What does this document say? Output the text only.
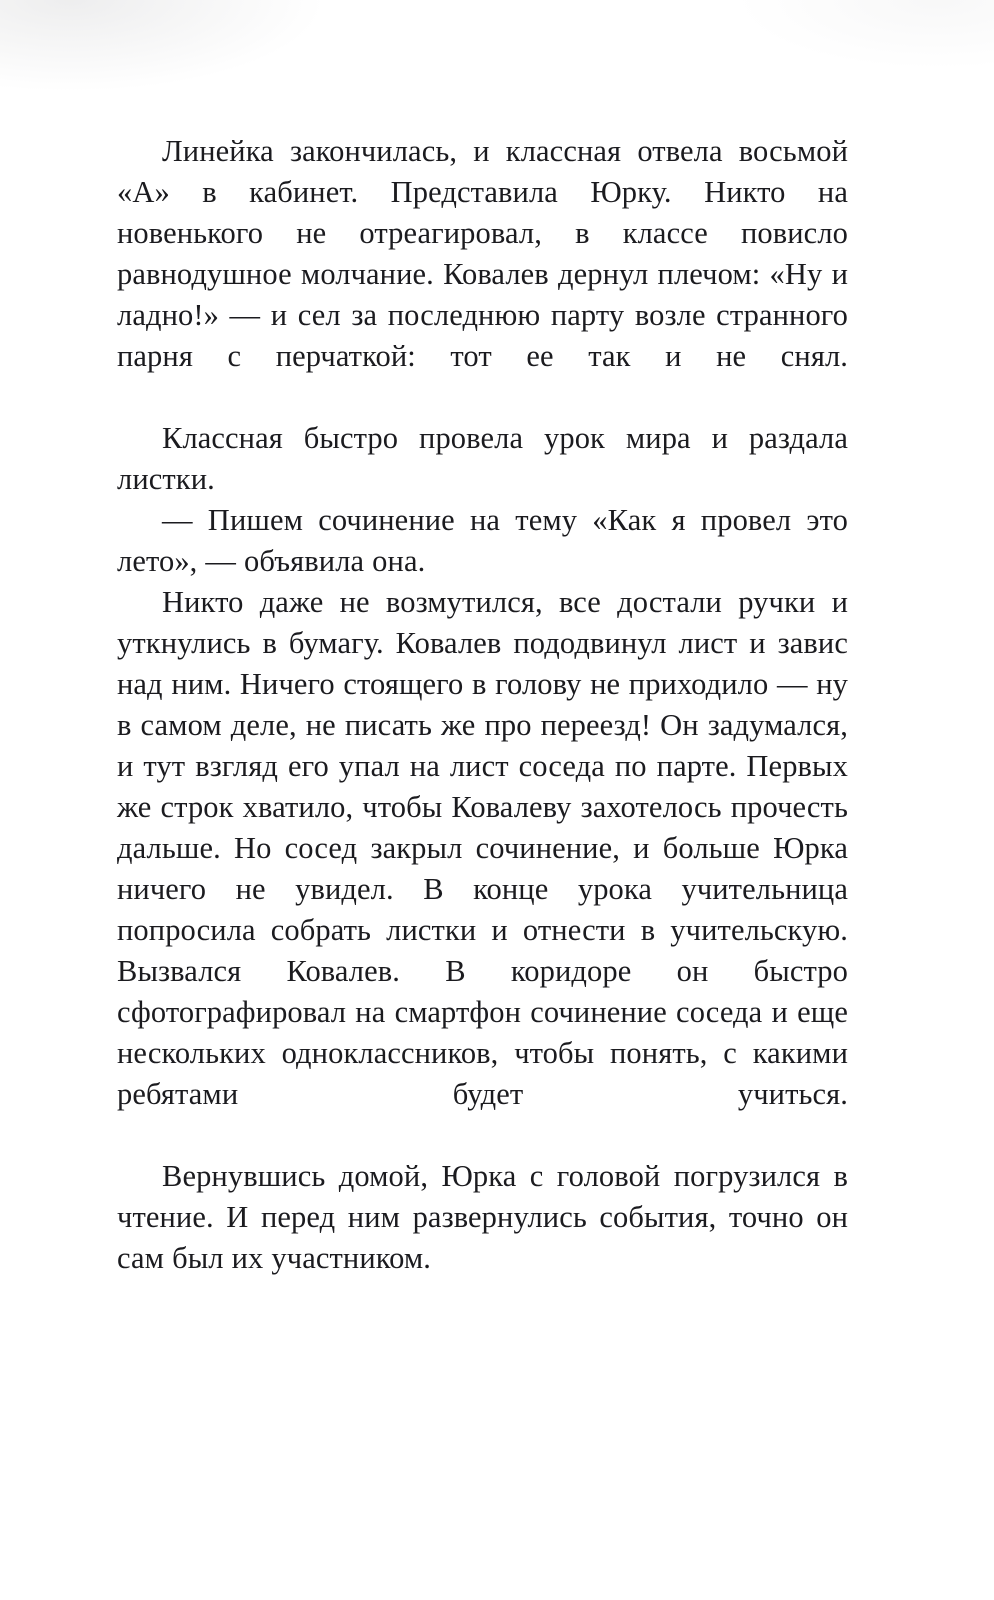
Линейка закончилась, и классная отвела восьмой «А» в кабинет. Представила Юрку. Никто на новенького не отреагировал, в классе повисло равнодушное молчание. Ковалев дернул плечом: «Ну и ладно!» — и сел за последнюю парту возле странного парня с перчаткой: тот ее так и не снял.

Классная быстро провела урок мира и раздала листки.

— Пишем сочинение на тему «Как я провел это лето», — объявила она.

Никто даже не возмутился, все достали ручки и уткнулись в бумагу. Ковалев пододвинул лист и завис над ним. Ничего стоящего в голову не приходило — ну в самом деле, не писать же про переезд! Он задумался, и тут взгляд его упал на лист соседа по парте. Первых же строк хватило, чтобы Ковалеву захотелось прочесть дальше. Но сосед закрыл сочинение, и больше Юрка ничего не увидел. В конце урока учительница попросила собрать листки и отнести в учительскую. Вызвался Ковалев. В коридоре он быстро сфотографировал на смартфон сочинение соседа и еще нескольких одноклассников, чтобы понять, с какими ребятами будет учиться.

Вернувшись домой, Юрка с головой погрузился в чтение. И перед ним развернулись события, точно он сам был их участником.
